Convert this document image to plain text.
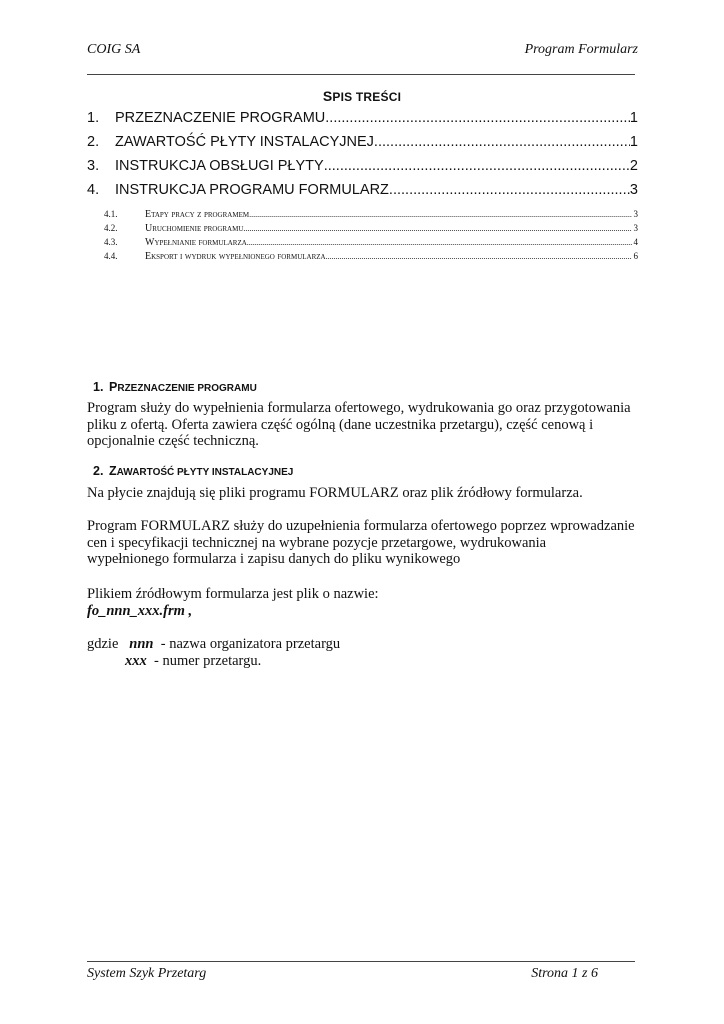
COIG SA	Program Formularz
SPIS TREŚCI
1.	PRZEZNACZENIE PROGRAMU .....	1
2.	ZAWARTOŚĆ PŁYTY INSTALACYJNEJ .....	1
3.	INSTRUKCJA OBSŁUGI PŁYTY .....	2
4.	INSTRUKCJA PROGRAMU FORMULARZ .....	3
4.1.	Etapy pracy z programem .....	3
4.2.	Uruchomienie programu .....	3
4.3.	Wypełnianie formularza .....	4
4.4.	Eksport i wydruk wypełnionego formularza .....	6
1. PRZEZNACZENIE PROGRAMU
Program służy do wypełnienia formularza ofertowego, wydrukowania go oraz przygotowania
pliku z ofertą. Oferta zawiera część ogólną (dane uczestnika przetargu), część cenową i
opcjonalnie część techniczną.
2. ZAWARTOŚĆ PŁYTY INSTALACYJNEJ
Na płycie znajdują się pliki programu FORMULARZ oraz plik źródłowy formularza.
Program FORMULARZ służy do uzupełnienia formularza ofertowego poprzez wprowadzanie
cen i specyfikacji technicznej na wybrane pozycje przetargowe, wydrukowania
wypełnionego formularza i zapisu danych do pliku wynikowego
Plikiem źródłowym formularza jest plik o nazwie:
fo_nnn_xxx.frm ,
gdzie nnn - nazwa organizatora przetargu
xxx - numer przetargu.
System Szyk Przetarg	Strona 1 z 6
